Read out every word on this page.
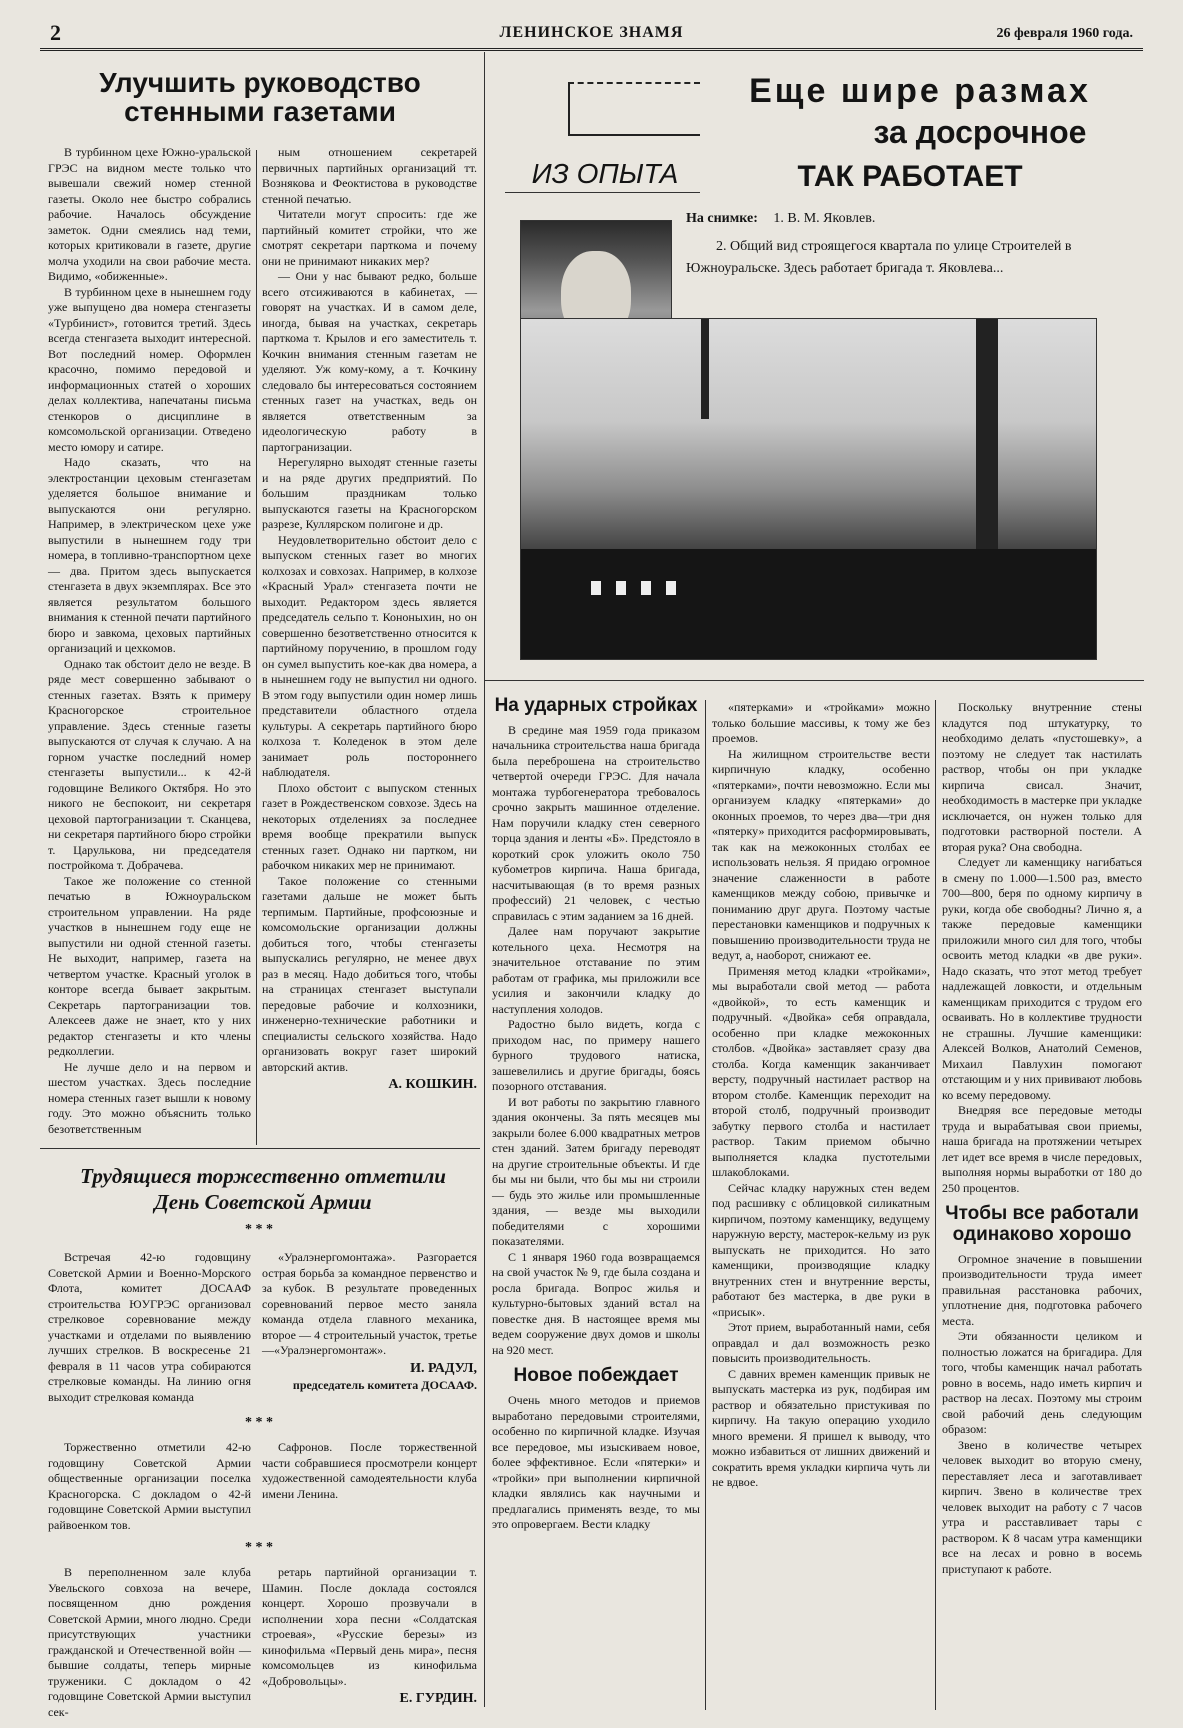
2	ЛЕНИНСКОЕ ЗНАМЯ	26 февраля 1960 года.
Улучшить руководство стенными газетами

В турбинном цехе Южно-уральской ГРЭС на видном месте только что вывешали свежий номер стенной газеты. Около нее быстро собрались рабочие. Началось обсуждение заметок. Одни смеялись над теми, которых критиковали в газете, другие молча уходили на свои рабочие места. Видимо, «обиженные».

В турбинном цехе в нынешнем году уже выпущено два номера стенгазеты «Турбинист», готовится третий. Здесь всегда стенгазета выходит интересной. Вот последний номер. Оформлен красочно, помимо передовой и информационных статей о хороших делах коллектива, напечатаны письма стенкоров о дисциплине в комсомольской организации. Отведено место юмору и сатире.

Надо сказать, что на электростанции цеховым стенгазетам уделяется большое внимание и выпускаются они регулярно. Например, в электрическом цехе уже выпустили в нынешнем году три номера, в топливно-транспортном цехе — два. Притом здесь выпускается стенгазета в двух экземплярах. Все это является результатом большого внимания к стенной печати партийного бюро и завкома, цеховых партийных организаций и цехкомов.

Однако так обстоит дело не везде. В ряде мест совершенно забывают о стенных газетах. Взять к примеру Красногорское строительное управление. Здесь стенные газеты выпускаются от случая к случаю. А на горном участке последний номер стенгазеты выпустили... к 42-й годовщине Великого Октября. Но это никого не беспокоит, ни секретаря цеховой партогранизации т. Сканцева, ни секретаря партийного бюро стройки т. Царулькова, ни председателя постройкома т. Добрачева.

Такое же положение со стенной печатью в Южноуральском строительном управлении. На ряде участков в нынешнем году еще не выпустили ни одной стенной газеты. Не выходит, например, газета на четвертом участке. Красный уголок в конторе всегда бывает закрытым. Секретарь партогранизации тов. Алексеев даже не знает, кто у них редактор стенгазеты и кто члены редколлегии.

Не лучше дело и на первом и шестом участках. Здесь последние номера стенных газет вышли к новому году. Это можно объяснить только безответственным

ным отношением секретарей первичных партийных организаций тт. Вознякова и Феоктистова в руководстве стенной печатью.

Читатели могут спросить: где же партийный комитет стройки, что же смотрят секретари парткома и почему они не принимают никаких мер?

— Они у нас бывают редко, больше всего отсиживаются в кабинетах, — говорят на участках. И в самом деле, иногда, бывая на участках, секретарь парткома т. Крылов и его заместитель т. Кочкин внимания стенным газетам не уделяют. Уж кому-кому, а т. Кочкину следовало бы интересоваться состоянием стенных газет на участках, ведь он является ответственным за идеологическую работу в партогранизации.

Нерегулярно выходят стенные газеты и на ряде других предприятий. По большим праздникам только выпускаются газеты на Красногорском разрезе, Куллярском полигоне и др.

Неудовлетворительно обстоит дело с выпуском стенных газет во многих колхозах и совхозах. Например, в колхозе «Красный Урал» стенгазета почти не выходит. Редактором здесь является председатель сельпо т. Кононыхин, но он совершенно безответственно относится к партийному поручению, в прошлом году он сумел выпустить кое-как два номера, а в нынешнем году не выпустил ни одного. В этом году выпустили один номер лишь представители областного отдела культуры. А секретарь партийного бюро колхоза т. Коледенок в этом деле занимает роль постороннего наблюдателя.

Плохо обстоит с выпуском стенных газет в Рождественском совхозе. Здесь на некоторых отделениях за последнее время вообще прекратили выпуск стенных газет. Однако ни партком, ни рабочком никаких мер не принимают.

Такое положение со стенными газетами дальше не может быть терпимым. Партийные, профсоюзные и комсомольские организации должны добиться того, чтобы стенгазеты выпускались регулярно, не менее двух раз в месяц. Надо добиться того, чтобы на страницах стенгазет выступали передовые рабочие и колхозники, инженерно-технические работники и специалисты сельского хозяйства. Надо организовать вокруг газет широкий авторский актив.

А. КОШКИН.
Трудящиеся торжественно отметили
День Советской Армии

Встречая 42-ю годовщину Советской Армии и Военно-Морского Флота, комитет ДОСААФ строительства ЮУГРЭС организовал стрелковое соревнование между участками и отделами по выявлению лучших стрелков. В воскресенье 21 февраля в 11 часов утра собираются стрелковые команды. На линию огня выходит стрелковая команда

«Уралэнергомонтажа». Разгорается острая борьба за командное первенство и за кубок. В результате проведенных соревнований первое место заняла команда отдела главного механика, второе — 4 строительный участок, третье—«Уралэнергомонтаж».

И. РАДУЛ,
председатель комитета ДОСААФ.
* * *
* * *

Торжественно отметили 42-ю годовщину Советской Армии общественные организации поселка Красногорска. С докладом о 42-й годовщине Советской Армии выступил райвоенком тов.

Сафронов. После торжественной части собравшиеся просмотрели концерт художественной самодеятельности клуба имени Ленина.

* * *

В переполненном зале клуба Увельского совхоза на вечере, посвященном дню рождения Советской Армии, много людно. Среди присутствующих участники гражданской и Отечественной войн — бывшие солдаты, теперь мирные труженики. С докладом о 42 годовщине Советской Армии выступил сек-

ретарь партийной организации т. Шамин. После доклада состоялся концерт. Хорошо прозвучали в исполнении хора песни «Солдатская строевая», «Русские березы» из кинофильма «Первый день мира», песня комсомольцев из кинофильма «Добровольцы».

Е. ГУРДИН.
Еще шире размах
за досрочное
ИЗ ОПЫТА	ТАК РАБОТАЕТ
На снимке: 1. В. М. Яковлев.
2. Общий вид строящегося квартала по улице Строителей в Южноуральске. Здесь работает бригада т. Яковлева...
На ударных стройках

В средине мая 1959 года приказом начальника строительства наша бригада была переброшена на строительство четвертой очереди ГРЭС. Для начала монтажа турбогенератора требовалось срочно закрыть машинное отделение. Нам поручили кладку стен северного торца здания и ленты «Б». Предстояло в короткий срок уложить около 750 кубометров кирпича. Наша бригада, насчитывающая (в то время разных профессий) 21 человек, с честью справилась с этим заданием за 16 дней.

Далее нам поручают закрытие котельного цеха. Несмотря на значительное отставание по этим работам от графика, мы приложили все усилия и закончили кладку до наступления холодов.

Радостно было видеть, когда с приходом нас, по примеру нашего бурного трудового натиска, зашевелились и другие бригады, боясь позорного отставания.

И вот работы по закрытию главного здания окончены. За пять месяцев мы закрыли более 6.000 квадратных метров стен зданий. Затем бригаду переводят на другие строительные объекты. И где бы мы ни были, что бы мы ни строили — будь это жилье или промышленные здания, — везде мы выходили победителями с хорошими показателями.

С 1 января 1960 года возвращаемся на свой участок № 9, где была создана и росла бригада. Вопрос жилья и культурно-бытовых зданий встал на повестке дня. В настоящее время мы ведем сооружение двух домов и школы на 920 мест.

Новое побеждает

Очень много методов и приемов выработано передовыми строителями, особенно по кирпичной кладке. Изучая все передовое, мы изыскиваем новое, более эффективное. Если «пятерки» и «тройки» при выполнении кирпичной кладки являлись как научными и предлагались применять везде, то мы это опровергаем. Вести кладку

«пятерками» и «тройками» можно только большие массивы, к тому же без проемов.

На жилищном строительстве вести кирпичную кладку, особенно «пятерками», почти невозможно. Если мы организуем кладку «пятерками» до оконных проемов, то через два—три дня «пятерку» приходится расформировывать, так как на межоконных столбах ее использовать нельзя. Я придаю огромное значение слаженности в работе каменщиков между собою, привычке и пониманию друг друга. Поэтому частые перестановки каменщиков и подручных к повышению производительности труда не ведут, а, наоборот, снижают ее.

Применяя метод кладки «тройками», мы выработали свой метод — работа «двойкой», то есть каменщик и подручный. «Двойка» себя оправдала, особенно при кладке межоконных столбов. «Двойка» заставляет сразу два столба. Когда каменщик заканчивает версту, подручный настилает раствор на втором столбе. Каменщик переходит на второй столб, подручный производит забутку первого столба и настилает раствор. Таким приемом обычно выполняется кладка пустотелыми шлакоблоками.

Сейчас кладку наружных стен ведем под расшивку с облицовкой силикатным кирпичом, поэтому каменщику, ведущему наружную версту, мастерок-кельму из рук выпускать не приходится. Но зато каменщики, производящие кладку внутренних стен и внутренние версты, работают без мастерка, в две руки в «присык».

Этот прием, выработанный нами, себя оправдал и дал возможность резко повысить производительность.

С давних времен каменщик привык не выпускать мастерка из рук, подбирая им раствор и обязательно пристукивая по кирпичу. На такую операцию уходило много времени. Я пришел к выводу, что можно избавиться от лишних движений и сократить время укладки кирпича чуть ли не вдвое.

Поскольку внутренние стены кладутся под штукатурку, то необходимо делать «пустошевку», а поэтому не следует так настилать раствор, чтобы он при укладке кирпича свисал. Значит, необходимость в мастерке при укладке исключается, он нужен только для подготовки растворной постели. А вторая рука? Она свободна.

Следует ли каменщику нагибаться в смену по 1.000—1.500 раз, вместо 700—800, беря по одному кирпичу в руки, когда обе свободны? Лично я, а также передовые каменщики приложили много сил для того, чтобы освоить метод кладки «в две руки». Надо сказать, что этот метод требует надлежащей ловкости, и отдельным каменщикам приходится с трудом его осваивать. Но в коллективе трудности не страшны. Лучшие каменщики: Алексей Волков, Анатолий Семенов, Михаил Павлухин помогают отстающим и у них прививают любовь ко всему передовому.

Внедряя все передовые методы труда и вырабатывая свои приемы, наша бригада на протяжении четырех лет идет все время в числе передовых, выполняя нормы выработки от 180 до 250 процентов.

Чтобы все работали одинаково хорошо

Огромное значение в повышении производительности труда имеет правильная расстановка рабочих, уплотнение дня, подготовка рабочего места.

Эти обязанности целиком и полностью ложатся на бригадира. Для того, чтобы каменщик начал работать ровно в восемь, надо иметь кирпич и раствор на лесах. Поэтому мы строим свой рабочий день следующим образом:

Звено в количестве четырех человек выходит во вторую смену, переставляет леса и заготавливает кирпич. Звено в количестве трех человек выходит на работу с 7 часов утра и расставливает тары с раствором. К 8 часам утра каменщики все на лесах и ровно в восемь приступают к работе.
